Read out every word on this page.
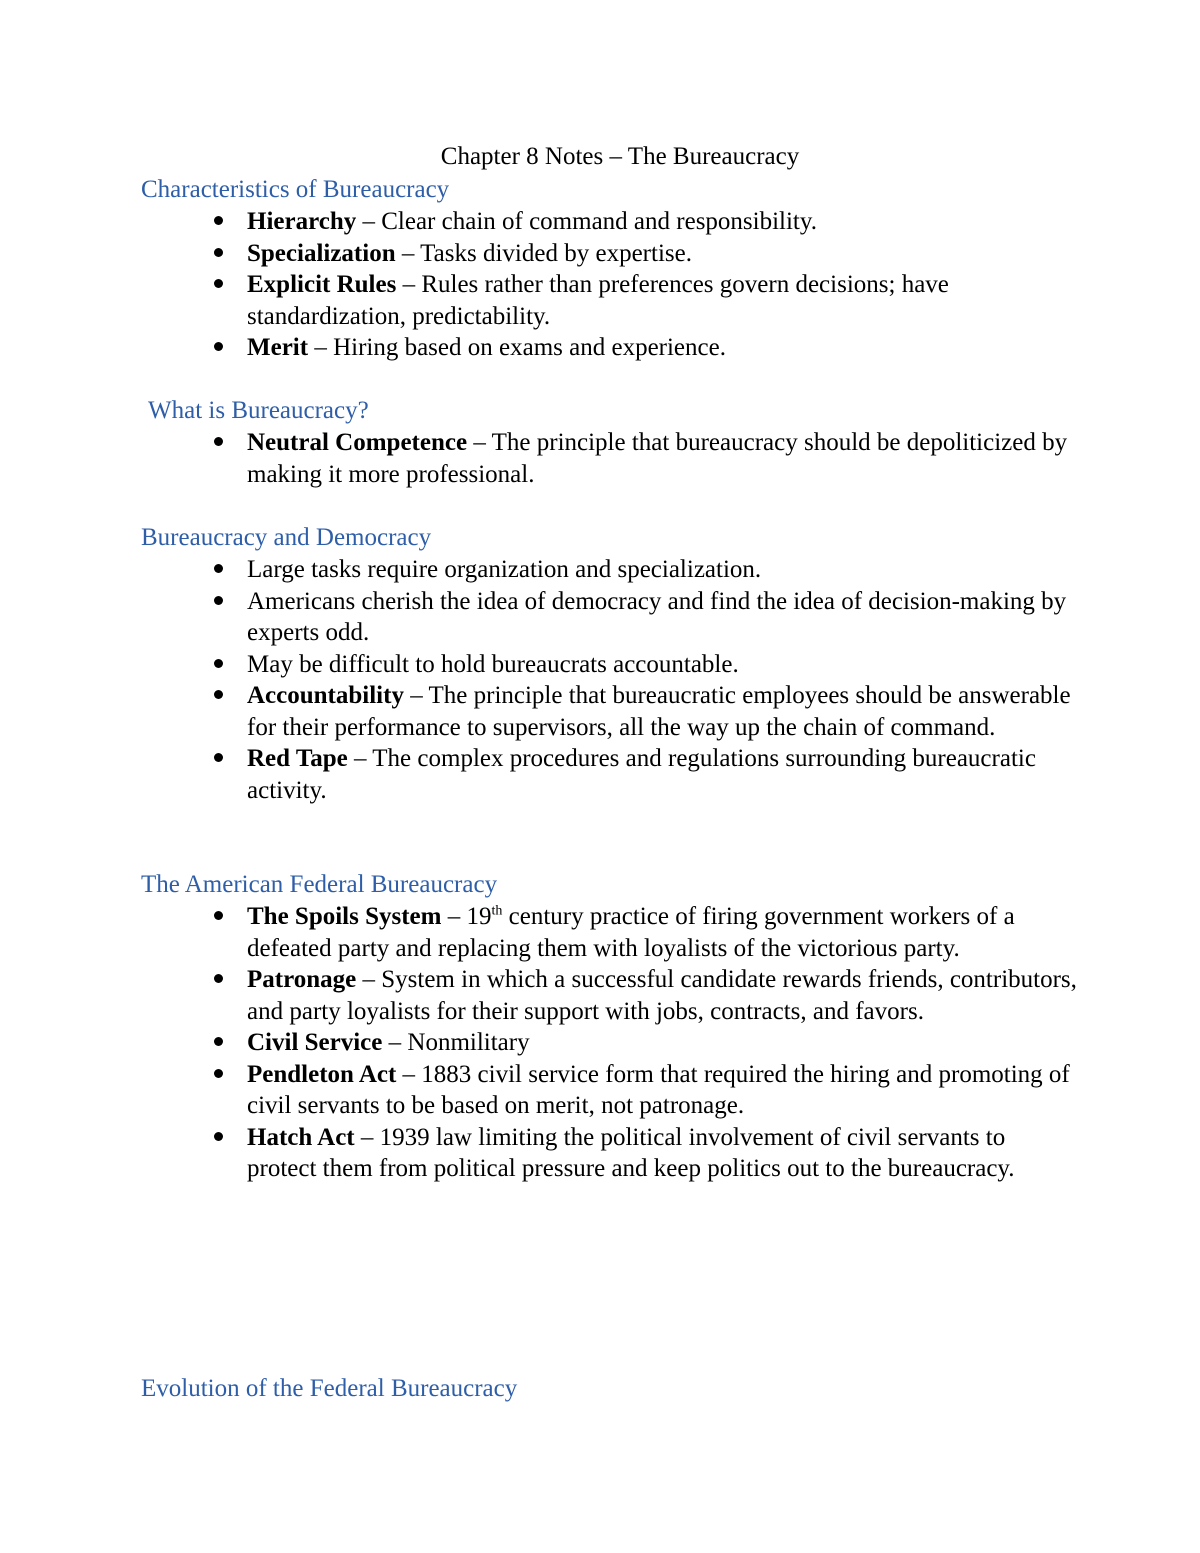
Chapter 8 Notes – The Bureaucracy
Characteristics of Bureaucracy
Hierarchy – Clear chain of command and responsibility.
Specialization – Tasks divided by expertise.
Explicit Rules – Rules rather than preferences govern decisions; have standardization, predictability.
Merit – Hiring based on exams and experience.
What is Bureaucracy?
Neutral Competence – The principle that bureaucracy should be depoliticized by making it more professional.
Bureaucracy and Democracy
Large tasks require organization and specialization.
Americans cherish the idea of democracy and find the idea of decision-making by experts odd.
May be difficult to hold bureaucrats accountable.
Accountability – The principle that bureaucratic employees should be answerable for their performance to supervisors, all the way up the chain of command.
Red Tape – The complex procedures and regulations surrounding bureaucratic activity.
The American Federal Bureaucracy
The Spoils System – 19th century practice of firing government workers of a defeated party and replacing them with loyalists of the victorious party.
Patronage – System in which a successful candidate rewards friends, contributors, and party loyalists for their support with jobs, contracts, and favors.
Civil Service – Nonmilitary
Pendleton Act – 1883 civil service form that required the hiring and promoting of civil servants to be based on merit, not patronage.
Hatch Act – 1939 law limiting the political involvement of civil servants to protect them from political pressure and keep politics out to the bureaucracy.
Evolution of the Federal Bureaucracy
